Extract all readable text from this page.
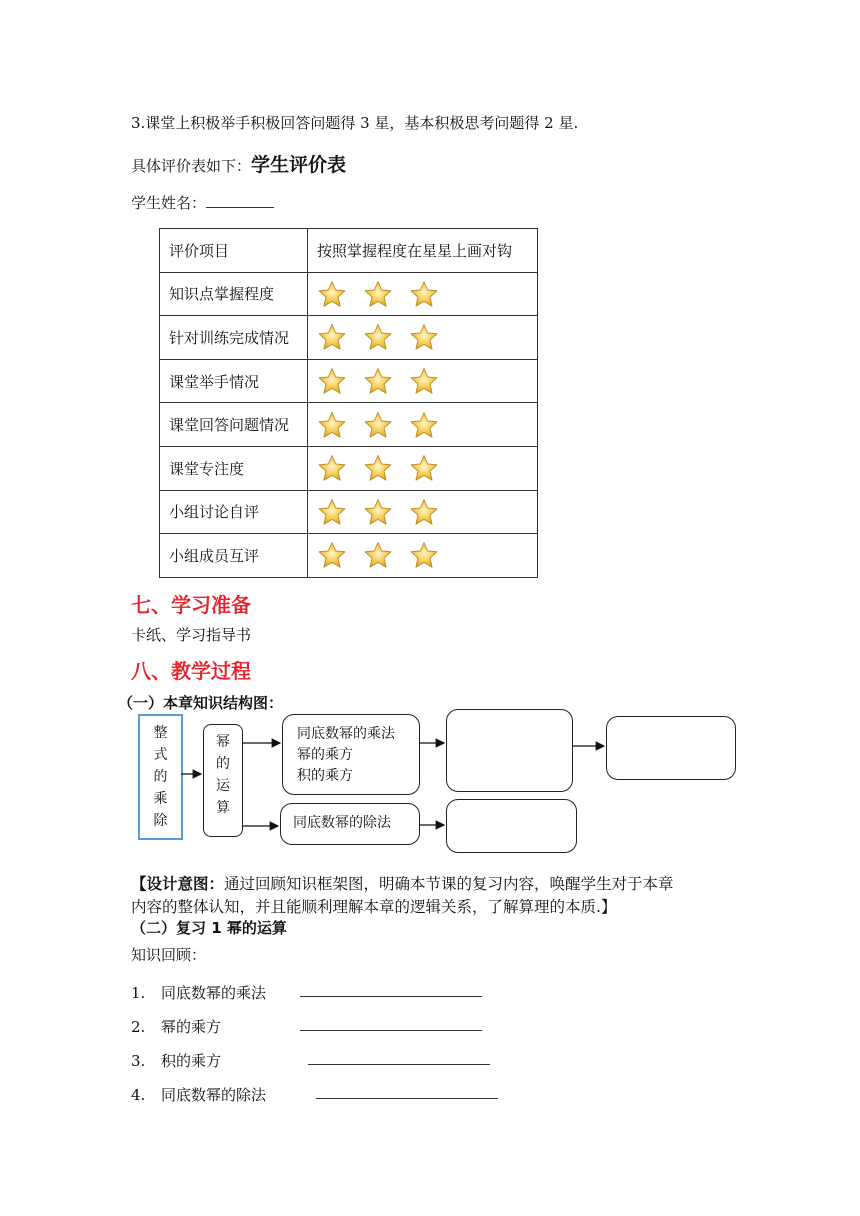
3.课堂上积极举手积极回答问题得 3 星，基本积极思考问题得 2 星.
具体评价表如下：学生评价表
学生姓名：
评价项目	按照掌握程度在星星上画对钩
知识点掌握程度	

针对训练完成情况	

课堂举手情况	

课堂回答问题情况	

课堂专注度	

小组讨论自评	

小组成员互评	
七、学习准备
卡纸、学习指导书
八、教学过程
（一）本章知识结构图：
整
式
的
乘
除
幂
的
运
算
同底数幂的乘法
幂的乘方
积的乘方
同底数幂的除法
【设计意图：通过回顾知识框架图，明确本节课的复习内容，唤醒学生对于本章
内容的整体认知，并且能顺利理解本章的逻辑关系，了解算理的本质.】
（二）复习 1 幂的运算
知识回顾：
1. 同底数幂的乘法
2. 幂的乘方
3. 积的乘方
4. 同底数幂的除法
